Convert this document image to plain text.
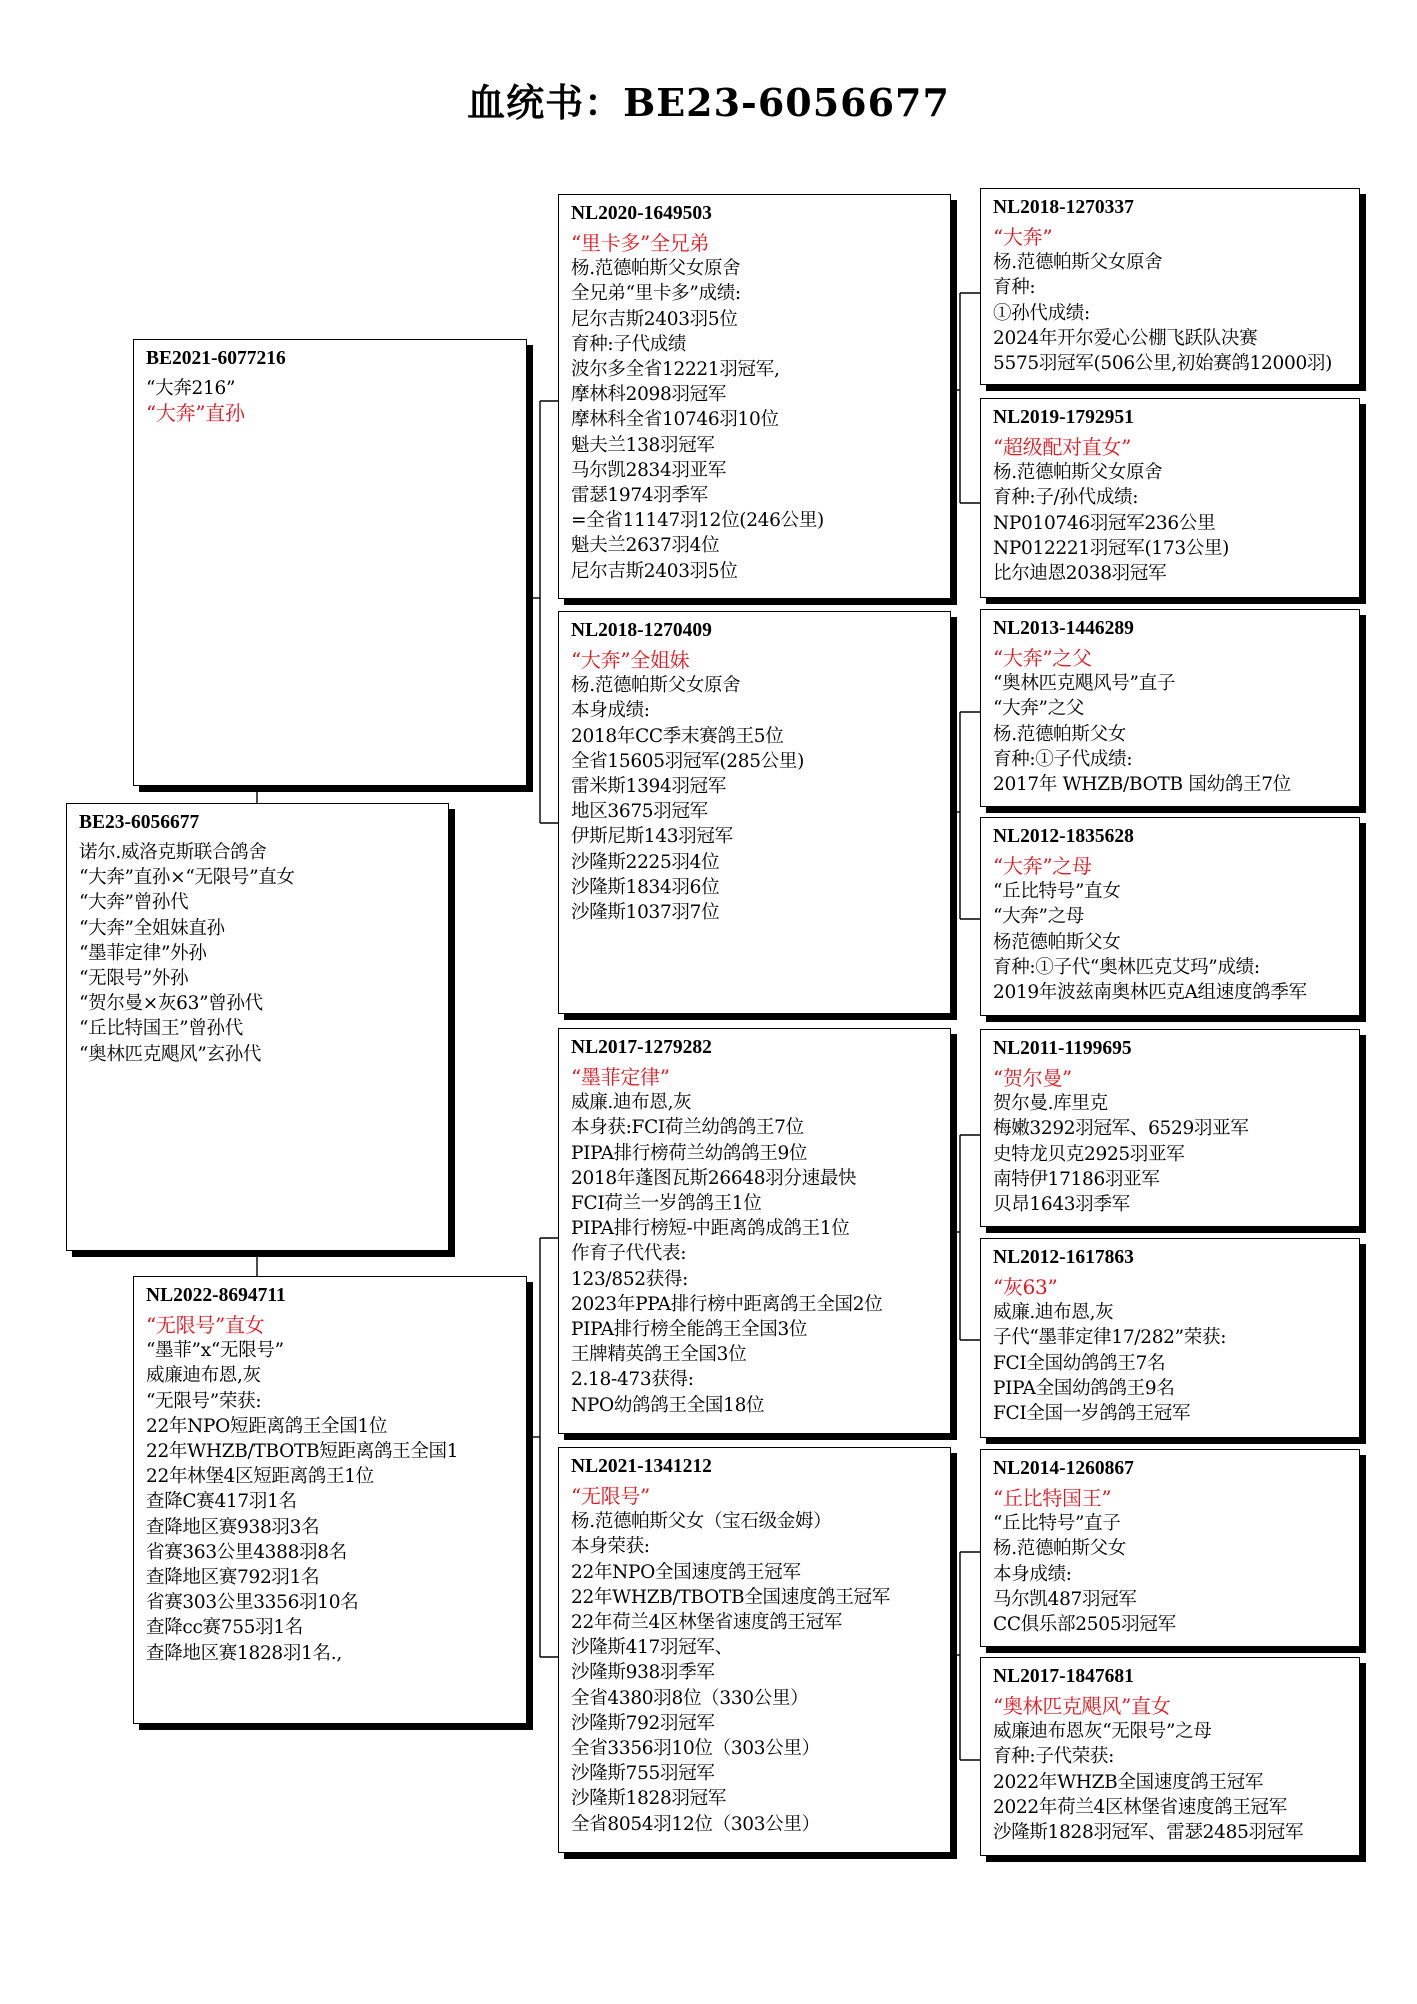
血统书：BE23-6056677
BE2021-6077216
“大奔216”
“大奔”直孙
BE23-6056677
诺尔.威洛克斯联合鸽舍
“大奔”直孙×“无限号”直女
“大奔”曾孙代
“大奔”全姐妹直孙
“墨菲定律”外孙
“无限号”外孙
“贺尔曼×灰63”曾孙代
“丘比特国王”曾孙代
“奥林匹克飓风”玄孙代
NL2022-8694711
“无限号”直女
“墨菲”x“无限号”
威廉迪布恩,灰
“无限号”荣获:
22年NPO短距离鸽王全国1位
22年WHZB/TBOTB短距离鸽王全国1
22年林堡4区短距离鸽王1位
查降C赛417羽1名
查降地区赛938羽3名
省赛363公里4388羽8名
查降地区赛792羽1名
省赛303公里3356羽10名
查降cc赛755羽1名
查降地区赛1828羽1名.,
NL2020-1649503
“里卡多”全兄弟
杨.范德帕斯父女原舍
全兄弟“里卡多”成绩:
尼尔吉斯2403羽5位
育种:子代成绩
波尔多全省12221羽冠军,
摩林科2098羽冠军
摩林科全省10746羽10位
魁夫兰138羽冠军
马尔凯2834羽亚军
雷瑟1974羽季军
=全省11147羽12位(246公里)
魁夫兰2637羽4位
尼尔吉斯2403羽5位
NL2018-1270409
“大奔”全姐妹
杨.范德帕斯父女原舍
本身成绩:
2018年CC季末赛鸽王5位
全省15605羽冠军(285公里)
雷米斯1394羽冠军
地区3675羽冠军
伊斯尼斯143羽冠军
沙隆斯2225羽4位
沙隆斯1834羽6位
沙隆斯1037羽7位
NL2017-1279282
“墨菲定律”
威廉.迪布恩,灰
本身获:FCI荷兰幼鸽鸽王7位
PIPA排行榜荷兰幼鸽鸽王9位
2018年蓬图瓦斯26648羽分速最快
FCI荷兰一岁鸽鸽王1位
PIPA排行榜短-中距离鸽成鸽王1位
作育子代代表:
123/852获得:
2023年PPA排行榜中距离鸽王全国2位
PIPA排行榜全能鸽王全国3位
王牌精英鸽王全国3位
2.18-473获得:
NPO幼鸽鸽王全国18位
NL2021-1341212
“无限号”
杨.范德帕斯父女（宝石级金姆）
本身荣获:
22年NPO全国速度鸽王冠军
22年WHZB/TBOTB全国速度鸽王冠军
22年荷兰4区林堡省速度鸽王冠军
沙隆斯417羽冠军、
沙隆斯938羽季军
全省4380羽8位（330公里）
沙隆斯792羽冠军
全省3356羽10位（303公里）
沙隆斯755羽冠军
沙隆斯1828羽冠军
全省8054羽12位（303公里）
NL2018-1270337
“大奔”
杨.范德帕斯父女原舍
育种:
①孙代成绩:
2024年开尔爱心公棚飞跃队决赛
5575羽冠军(506公里,初始赛鸽12000羽)
NL2019-1792951
“超级配对直女”
杨.范德帕斯父女原舍
育种:子/孙代成绩:
NP010746羽冠军236公里
NP012221羽冠军(173公里)
比尔迪恩2038羽冠军
NL2013-1446289
“大奔”之父
“奥林匹克飓风号”直子
“大奔”之父
杨.范德帕斯父女
育种:①子代成绩:
2017年 WHZB/BOTB 国幼鸽王7位
NL2012-1835628
“大奔”之母
“丘比特号”直女
“大奔”之母
杨范德帕斯父女
育种:①子代“奥林匹克艾玛”成绩:
2019年波兹南奥林匹克A组速度鸽季军
NL2011-1199695
“贺尔曼”
贺尔曼.库里克
梅嫩3292羽冠军、6529羽亚军
史特龙贝克2925羽亚军
南特伊17186羽亚军
贝昂1643羽季军
NL2012-1617863
“灰63”
威廉.迪布恩,灰
子代“墨菲定律17/282”荣获:
FCI全国幼鸽鸽王7名
PIPA全国幼鸽鸽王9名
FCI全国一岁鸽鸽王冠军
NL2014-1260867
“丘比特国王”
“丘比特号”直子
杨.范德帕斯父女
本身成绩:
马尔凯487羽冠军
CC俱乐部2505羽冠军
NL2017-1847681
“奥林匹克飓风”直女
威廉迪布恩灰“无限号”之母
育种:子代荣获:
2022年WHZB全国速度鸽王冠军
2022年荷兰4区林堡省速度鸽王冠军
沙隆斯1828羽冠军、雷瑟2485羽冠军
